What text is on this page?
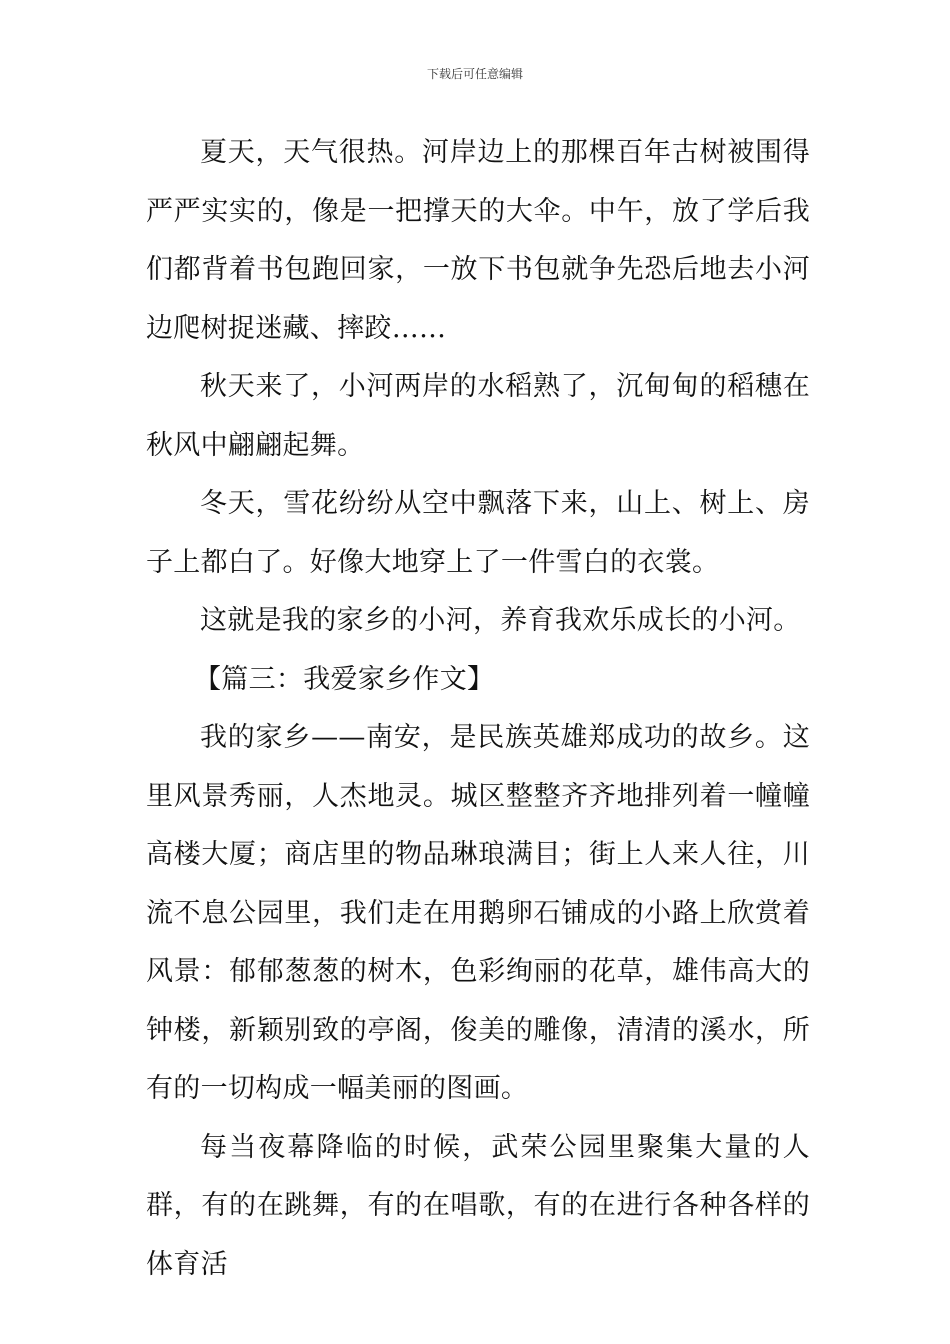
下载后可任意编辑

夏天，天气很热。河岸边上的那棵百年古树被围得严严实实的，像是一把撑天的大伞。中午，放了学后我们都背着书包跑回家，一放下书包就争先恐后地去小河边爬树捉迷藏、摔跤……

秋天来了，小河两岸的水稻熟了，沉甸甸的稻穗在秋风中翩翩起舞。

冬天，雪花纷纷从空中飘落下来，山上、树上、房子上都白了。好像大地穿上了一件雪白的衣裳。

这就是我的家乡的小河，养育我欢乐成长的小河。

【篇三：我爱家乡作文】

我的家乡——南安，是民族英雄郑成功的故乡。这里风景秀丽，人杰地灵。城区整整齐齐地排列着一幢幢高楼大厦；商店里的物品琳琅满目；街上人来人往，川流不息公园里，我们走在用鹅卵石铺成的小路上欣赏着风景：郁郁葱葱的树木，色彩绚丽的花草，雄伟高大的钟楼，新颖别致的亭阁，俊美的雕像，清清的溪水，所有的一切构成一幅美丽的图画。

每当夜幕降临的时候，武荣公园里聚集大量的人群，有的在跳舞，有的在唱歌，有的在进行各种各样的体育活
